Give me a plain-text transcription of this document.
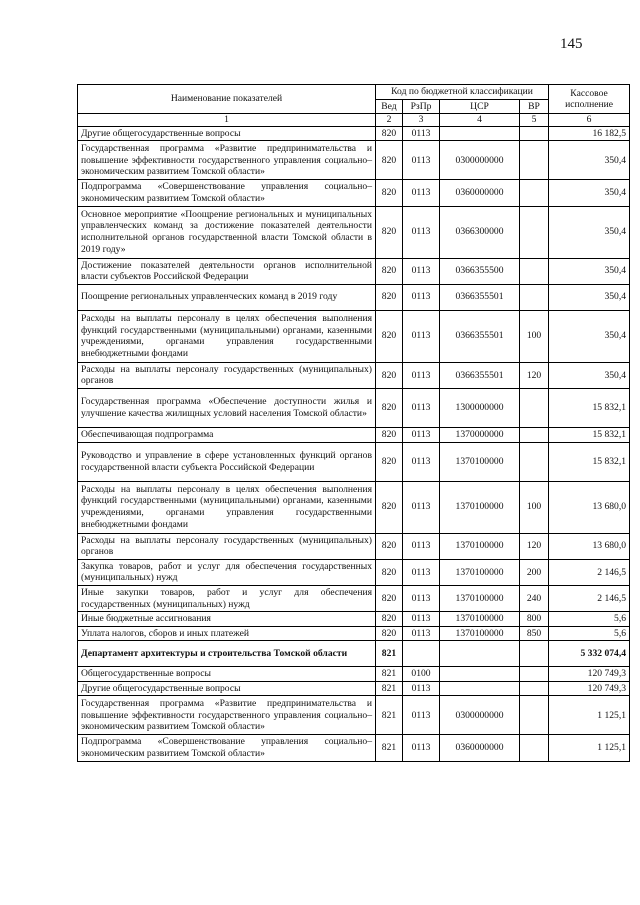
145
Наименование показателей	Код по бюджетной классификации				Кассовое исполнение
	Вед	РзПр	ЦСР	ВР	
1	2	3	4	5	6
Другие общегосударственные вопросы	820	0113			16 182,5
Государственная программа «Развитие предпринимательства и повышение эффективности государственного управления социально–экономическим развитием Томской области»	820	0113	0300000000		350,4
Подпрограмма «Совершенствование управления социально–экономическим развитием Томской области»	820	0113	0360000000		350,4
Основное мероприятие «Поощрение региональных и муниципальных управленческих команд за достижение показателей деятельности исполнительной органов государственной власти Томской области в 2019 году»	820	0113	0366300000		350,4
Достижение показателей деятельности органов исполнительной власти субъектов Российской Федерации	820	0113	0366355500		350,4
Поощрение региональных управленческих команд в 2019 году	820	0113	0366355501		350,4
Расходы на выплаты персоналу в целях обеспечения выполнения функций государственными (муниципальными) органами, казенными учреждениями, органами управления государственными внебюджетными фондами	820	0113	0366355501	100	350,4
Расходы на выплаты персоналу государственных (муниципальных) органов	820	0113	0366355501	120	350,4
Государственная программа «Обеспечение доступности жилья и улучшение качества жилищных условий населения Томской области»	820	0113	1300000000		15 832,1
Обеспечивающая подпрограмма	820	0113	1370000000		15 832,1
Руководство и управление в сфере установленных функций органов государственной власти субъекта Российской Федерации	820	0113	1370100000		15 832,1
Расходы на выплаты персоналу в целях обеспечения выполнения функций государственными (муниципальными) органами, казенными учреждениями, органами управления государственными внебюджетными фондами	820	0113	1370100000	100	13 680,0
Расходы на выплаты персоналу государственных (муниципальных) органов	820	0113	1370100000	120	13 680,0
Закупка товаров, работ и услуг для обеспечения государственных (муниципальных) нужд	820	0113	1370100000	200	2 146,5
Иные закупки товаров, работ и услуг для обеспечения государственных (муниципальных) нужд	820	0113	1370100000	240	2 146,5
Иные бюджетные ассигнования	820	0113	1370100000	800	5,6
Уплата налогов, сборов и иных платежей	820	0113	1370100000	850	5,6
Департамент архитектуры и строительства Томской области	821				5 332 074,4
Общегосударственные вопросы	821	0100			120 749,3
Другие общегосударственные вопросы	821	0113			120 749,3
Государственная программа «Развитие предпринимательства и повышение эффективности государственного управления социально–экономическим развитием Томской области»	821	0113	0300000000		1 125,1
Подпрограмма «Совершенствование управления социально–экономическим развитием Томской области»	821	0113	0360000000		1 125,1
